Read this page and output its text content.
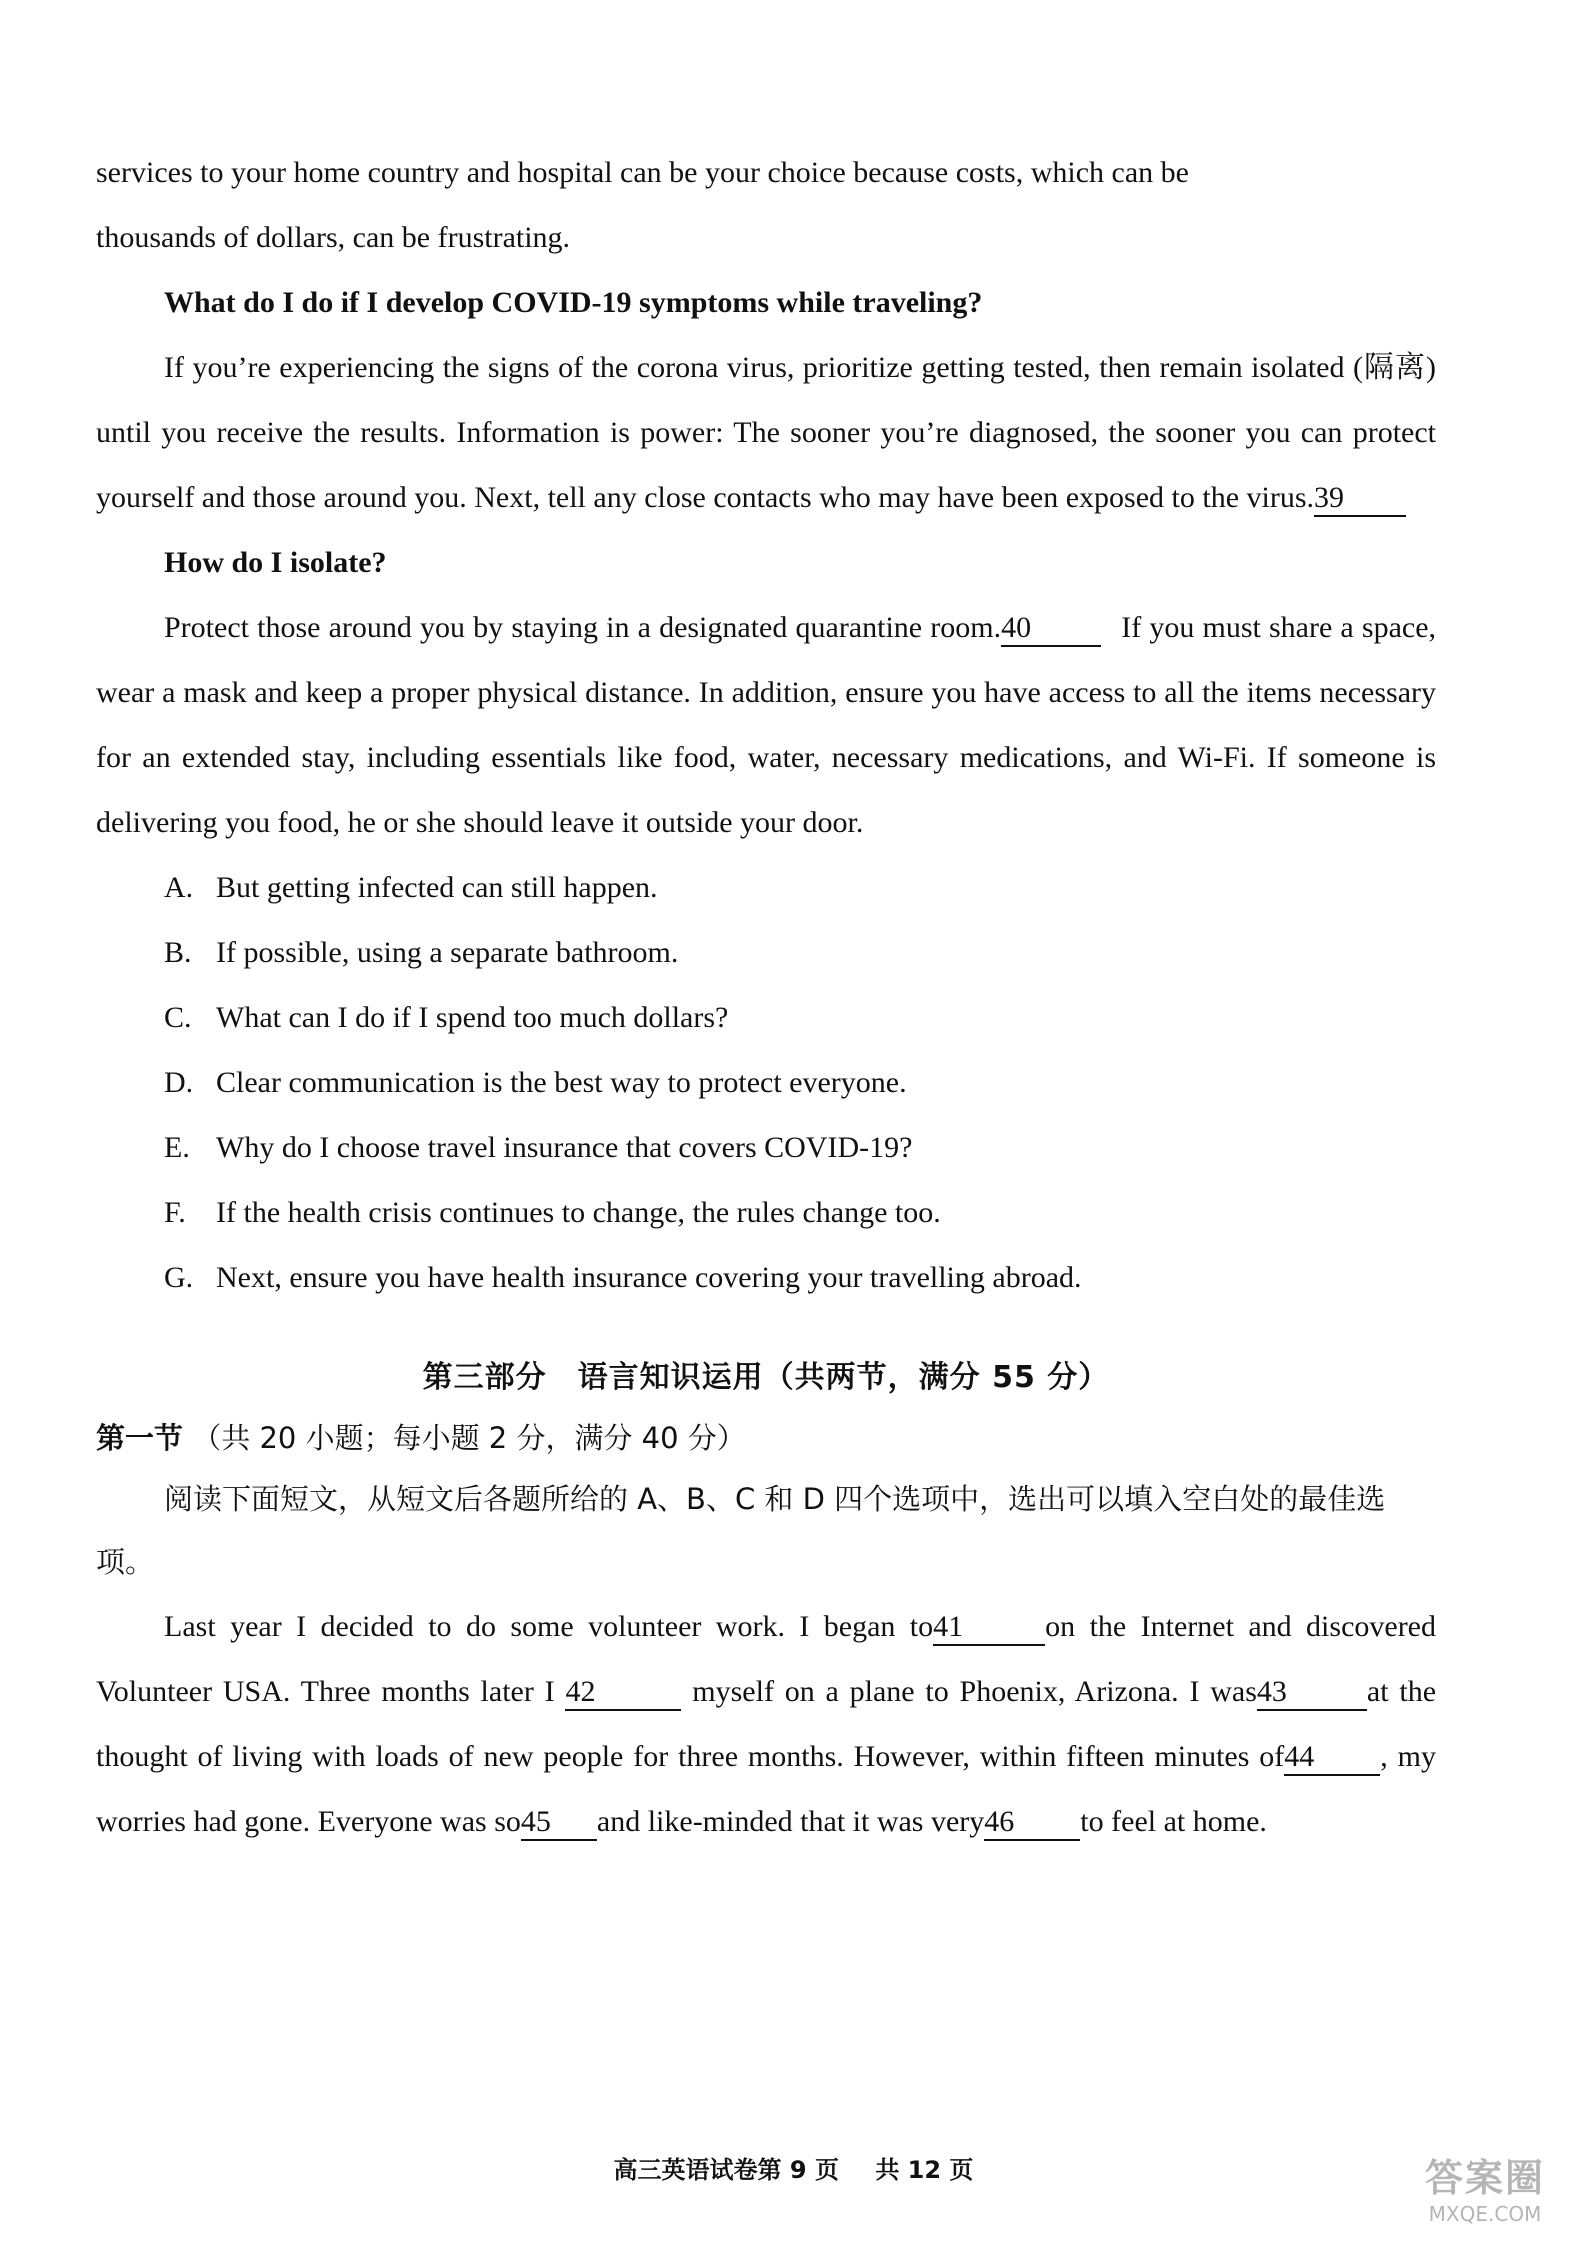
services to your home country and hospital can be your choice because costs, which can be

thousands of dollars, can be frustrating.

What do I do if I develop COVID-19 symptoms while traveling?

If you’re experiencing the signs of the corona virus, prioritize getting tested, then remain isolated (隔离) until you receive the results. Information is power: The sooner you’re diagnosed, the sooner you can protect yourself and those around you. Next, tell any close contacts who may have been exposed to the virus.39

How do I isolate?

Protect those around you by staying in a designated quarantine room.40	If you must share a space, wear a mask and keep a proper physical distance. In addition, ensure you have access to all the items necessary for an extended stay, including essentials like food, water, necessary medications, and Wi-Fi. If someone is delivering you food, he or she should leave it outside your door.

A. But getting infected can still happen.

B. If possible, using a separate bathroom.

C. What can I do if I spend too much dollars?

D. Clear communication is the best way to protect everyone.

E. Why do I choose travel insurance that covers COVID-19?

F. If the health crisis continues to change, the rules change too.

G. Next, ensure you have health insurance covering your travelling abroad.

第三部分　语言知识运用（共两节，满分 55 分）

第一节 （共 20 小题；每小题 2 分，满分 40 分）

阅读下面短文，从短文后各题所给的 A、B、C 和 D 四个选项中，选出可以填入空白处的最佳选项。

Last year I decided to do some volunteer work. I began to41	on the Internet and discovered Volunteer USA. Three months later I 42	myself on a plane to Phoenix, Arizona. I was43	at the thought of living with loads of new people for three months. However, within fifteen minutes of44 , my worries had gone. Everyone was so45 and like-minded that it was very46 to feel at home.

高三英语试卷第 9 页 共 12 页	答案圈
MXQE.COM
